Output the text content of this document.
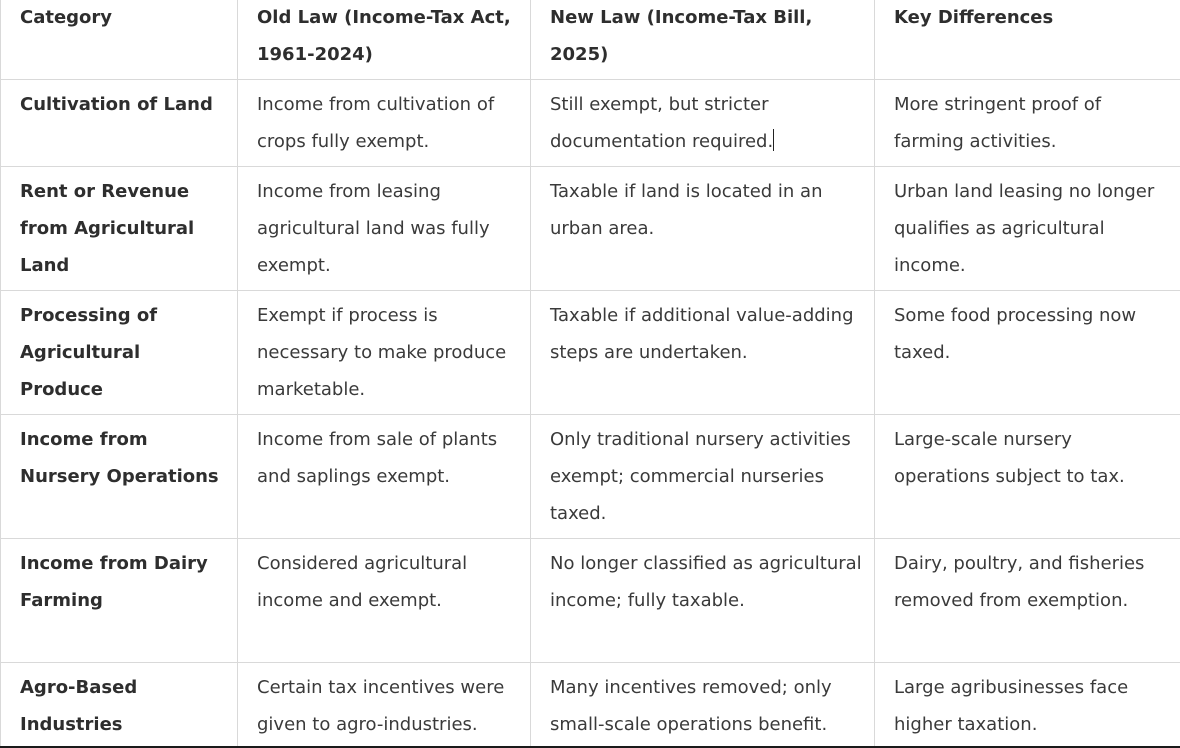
Category	Old Law (Income-Tax Act, 1961-2024)	New Law (Income-Tax Bill, 2025)	Key Differences

Cultivation of Land	Income from cultivation of crops fully exempt.	Still exempt, but stricter documentation required.	More stringent proof of farming activities.

Rent or Revenue from Agricultural Land	Income from leasing agricultural land was fully exempt.	Taxable if land is located in an urban area.	Urban land leasing no longer qualifies as agricultural income.

Processing of Agricultural Produce	Exempt if process is necessary to make produce marketable.	Taxable if additional value-adding steps are undertaken.	Some food processing now taxed.

Income from Nursery Operations	Income from sale of plants and saplings exempt.	Only traditional nursery activities exempt; commercial nurseries taxed.	Large-scale nursery operations subject to tax.

Income from Dairy Farming	Considered agricultural income and exempt.	No longer classified as agricultural income; fully taxable.	Dairy, poultry, and fisheries removed from exemption.

Agro-Based Industries	Certain tax incentives were given to agro-industries.	Many incentives removed; only small-scale operations benefit.	Large agribusinesses face higher taxation.
